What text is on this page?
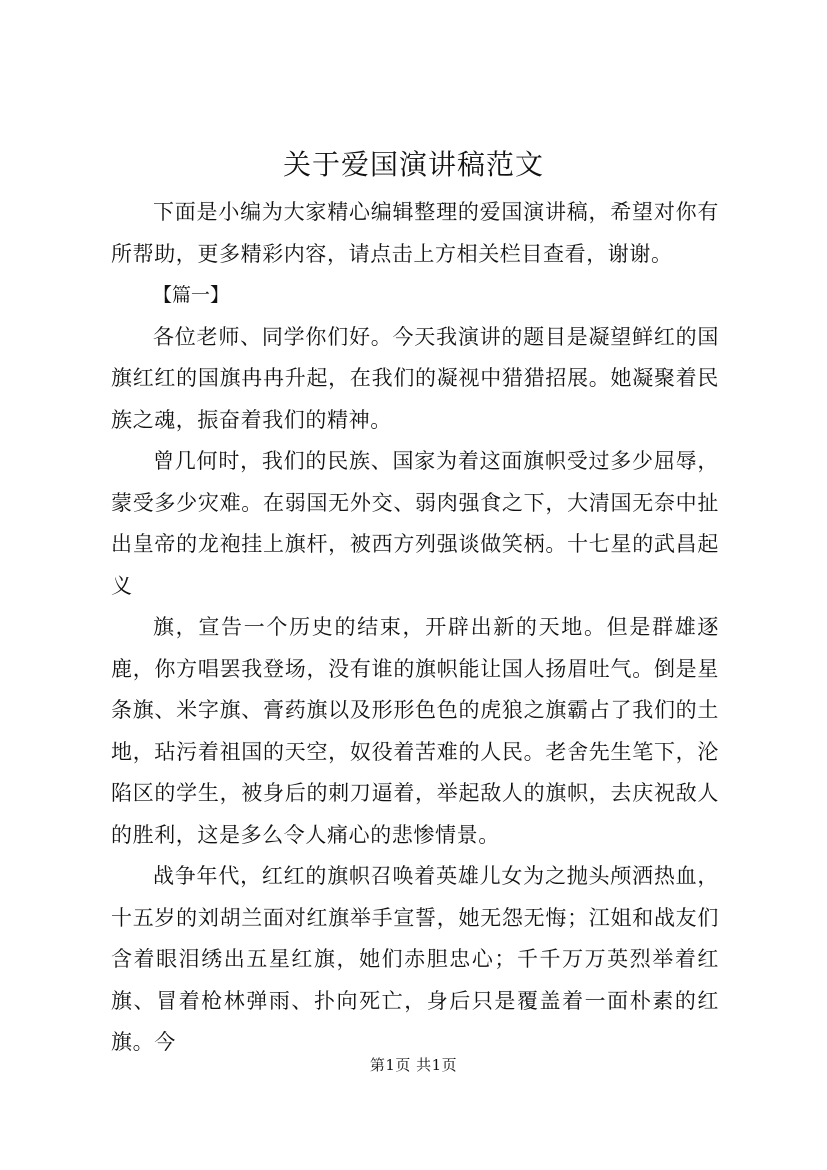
关于爱国演讲稿范文

下面是小编为大家精心编辑整理的爱国演讲稿，希望对你有所帮助，更多精彩内容，请点击上方相关栏目查看，谢谢。

【篇一】

各位老师、同学你们好。今天我演讲的题目是凝望鲜红的国旗红红的国旗冉冉升起，在我们的凝视中猎猎招展。她凝聚着民族之魂，振奋着我们的精神。

曾几何时，我们的民族、国家为着这面旗帜受过多少屈辱，蒙受多少灾难。在弱国无外交、弱肉强食之下，大清国无奈中扯出皇帝的龙袍挂上旗杆，被西方列强谈做笑柄。十七星的武昌起义

旗，宣告一个历史的结束，开辟出新的天地。但是群雄逐鹿，你方唱罢我登场，没有谁的旗帜能让国人扬眉吐气。倒是星条旗、米字旗、膏药旗以及形形色色的虎狼之旗霸占了我们的土地，玷污着祖国的天空，奴役着苦难的人民。老舍先生笔下，沦陷区的学生，被身后的刺刀逼着，举起敌人的旗帜，去庆祝敌人的胜利，这是多么令人痛心的悲惨情景。

战争年代，红红的旗帜召唤着英雄儿女为之抛头颅洒热血，十五岁的刘胡兰面对红旗举手宣誓，她无怨无悔；江姐和战友们含着眼泪绣出五星红旗，她们赤胆忠心；千千万万英烈举着红旗、冒着枪林弹雨、扑向死亡，身后只是覆盖着一面朴素的红旗。今

第1页 共1页
